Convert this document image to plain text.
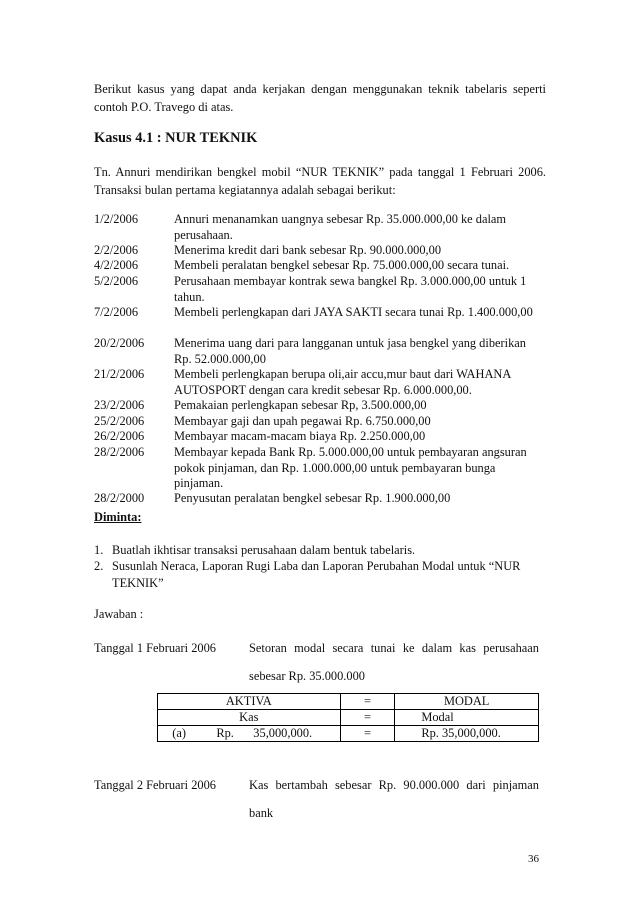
Berikut kasus yang dapat anda kerjakan dengan menggunakan teknik tabelaris seperti contoh P.O. Travego di atas.

Kasus 4.1 : NUR TEKNIK

Tn. Annuri mendirikan bengkel mobil “NUR TEKNIK” pada tanggal 1 Februari 2006. Transaksi bulan pertama kegiatannya adalah sebagai berikut:

1/2/2006	Annuri menanamkan uangnya sebesar Rp. 35.000.000,00 ke dalam perusahaan.
2/2/2006	Menerima kredit dari bank sebesar Rp. 90.000.000,00
4/2/2006	Membeli peralatan bengkel sebesar Rp. 75.000.000,00 secara tunai.
5/2/2006	Perusahaan membayar kontrak sewa bangkel Rp. 3.000.000,00 untuk 1 tahun.
7/2/2006	Membeli perlengkapan dari JAYA SAKTI secara tunai Rp. 1.400.000,00
20/2/2006	Menerima uang dari para langganan untuk jasa bengkel yang diberikan Rp. 52.000.000,00
21/2/2006	Membeli perlengkapan berupa oli,air accu,mur baut dari WAHANA AUTOSPORT dengan cara kredit sebesar Rp. 6.000.000,00.
23/2/2006	Pemakaian perlengkapan sebesar Rp, 3.500.000,00
25/2/2006	Membayar gaji dan upah pegawai Rp. 6.750.000,00
26/2/2006	Membayar macam-macam biaya Rp. 2.250.000,00
28/2/2006	Membayar kepada Bank Rp. 5.000.000,00 untuk pembayaran angsuran pokok pinjaman, dan Rp. 1.000.000,00 untuk pembayaran bunga pinjaman.
28/2/2000	Penyusutan peralatan bengkel sebesar Rp. 1.900.000,00
Diminta:
1. Buatlah ikhtisar transaksi perusahaan dalam bentuk tabelaris.
2. Susunlah Neraca, Laporan Rugi Laba dan Laporan Perubahan Modal untuk “NUR TEKNIK”
Jawaban :
Tanggal 1 Februari 2006	Setoran modal secara tunai ke dalam kas perusahaan sebesar Rp. 35.000.000
AKTIVA			=	MODAL
Kas			=	Modal
(a)	Rp.	35,000,000.	=	Rp. 35,000,000.
Tanggal 2 Februari 2006	Kas bertambah sebesar Rp. 90.000.000 dari pinjaman bank
36
